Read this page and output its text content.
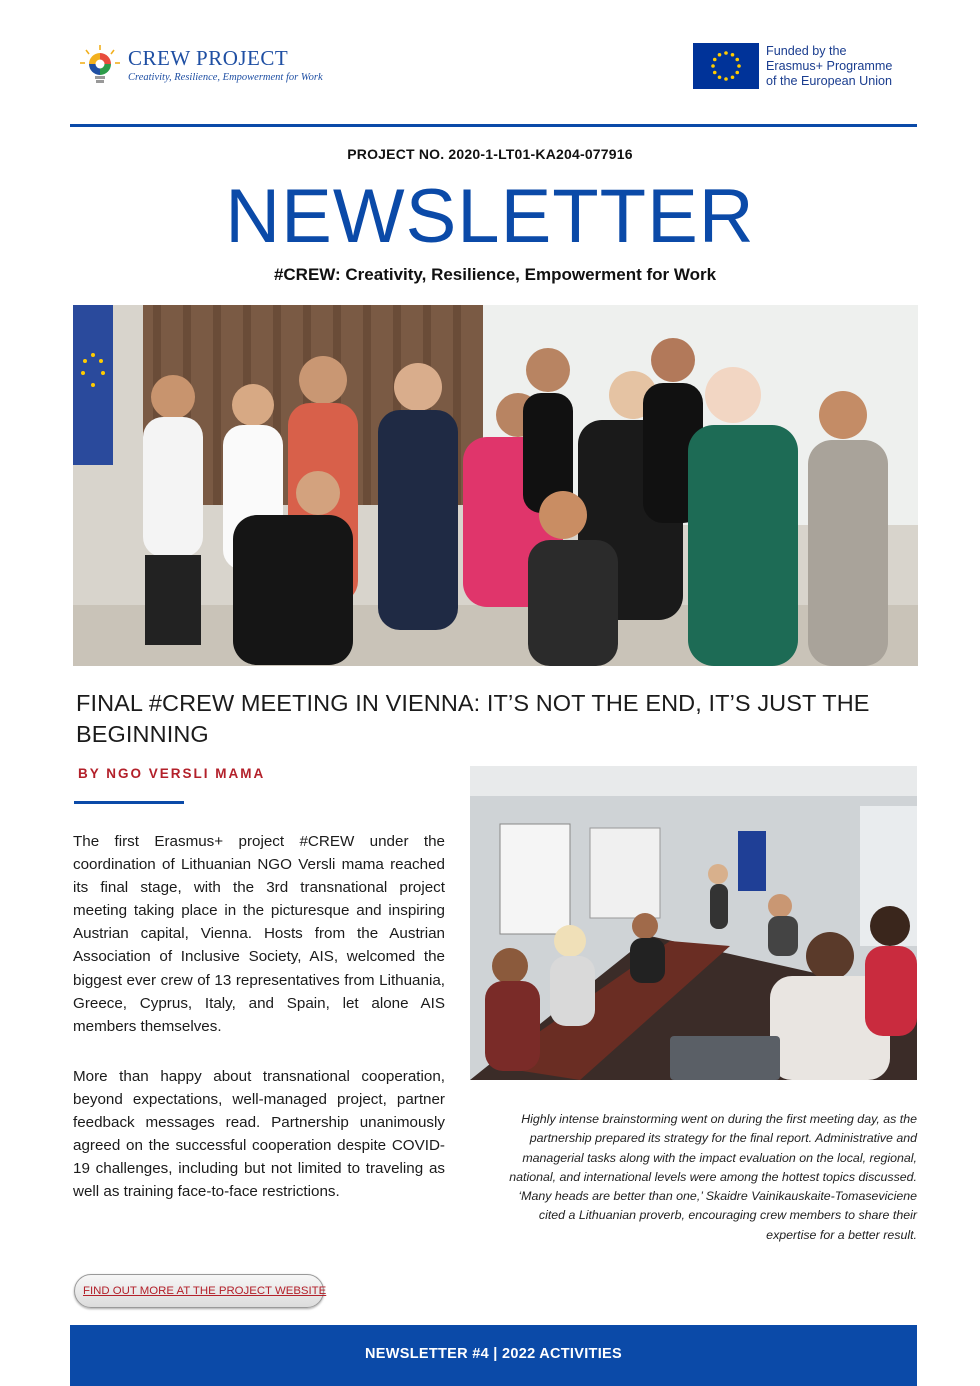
CREW PROJECT
Creativity, Resilience, Empowerment for Work
Funded by the
Erasmus+ Programme
of the European Union
PROJECT NO. 2020-1-LT01-KA204-077916
NEWSLETTER
#CREW: Creativity, Resilience, Empowerment for Work
FINAL #CREW MEETING IN VIENNA: IT’S NOT THE END, IT’S JUST THE BEGINNING
BY NGO VERSLI MAMA
The first Erasmus+ project #CREW under the coordination of Lithuanian NGO Versli mama reached its final stage, with the 3rd transnational project meeting taking place in the picturesque and inspiring Austrian capital, Vienna. Hosts from the Austrian Association of Inclusive Society, AIS, welcomed the biggest ever crew of 13 representatives from Lithuania, Greece, Cyprus, Italy, and Spain, let alone AIS members themselves.
More than happy about transnational cooperation, beyond expectations, well-managed project, partner feedback messages read. Partnership unanimously agreed on the successful cooperation despite COVID-19 challenges, including but not limited to traveling as well as training face-to-face restrictions.
Highly intense brainstorming went on during the first meeting day, as the partnership prepared its strategy for the final report. Administrative and managerial tasks along with the impact evaluation on the local, regional, national, and international levels were among the hottest topics discussed. ‘Many heads are better than one,’ Skaidre Vainikauskaite-Tomaseviciene cited a Lithuanian proverb, encouraging crew members to share their expertise for a better result.
FIND OUT MORE AT THE PROJECT WEBSITE
NEWSLETTER #4 | 2022 ACTIVITIES
